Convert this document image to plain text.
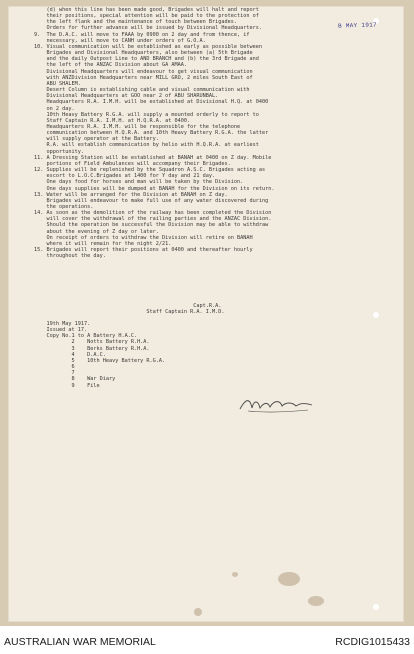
B MAY 1917
(d) when this line has been made good, Brigades will halt and report
their positions, special attention will be paid to the protection of
the left flank and the maintenance of touch between Brigades.
Orders for further advance will be issued by Divisional Headquarters.
9.  The D.A.C. will move to FAAA by 0900 on 2 day and from thence, if
necessary, will move to CANH under orders of G.O.A.
10. Visual communication will be established as early as possible between
Brigades and Divisional Headquarters, also between (a) 5th Brigade
and the daily Outpost Line to AND BRANCH and (b) the 3rd Brigade and
the left of the ANZAC Division about GA AMAA.
Divisional Headquarters will endeavour to get visual communication
with ANZDivision Headquarters near MILL GRO, 2 miles South East of
ABU SHALEM.
Desert Column is establishing cable and visual communication with
Divisional Headquarters at GOO near 2 of ABU SHARUNBAL.
Headquarters R.A. I.M.H. will be established at Divisional H.Q. at 0400
on 2 day.
10th Heavy Battery R.G.A. will supply a mounted orderly to report to
Staff Captain R.A. I.M.H. at H.Q.R.A. at 0400.
Headquarters R.A. I.M.H. will be responsible for the telephone
communication between H.Q.R.A. and 10th Heavy Battery R.G.A. the latter
will supply operator at the Battery.
R.A. will establish communication by helio with H.Q.R.A. at earliest
opportunity.
11. A Dressing Station will be established at BANAH at 0400 on Z day. Mobile
portions of Field Ambulances will accompany their Brigades.
12. Supplies will be replenished by the Squadron A.S.C. Brigades acting as
escort to L.O.C.Brigades at 1400 for Y day and 21 day.
One days food for horses and man will be taken by the Division.
One days supplies will be dumped at BANAH for the Division on its return.
13. Water will be arranged for the Division at BANAH on Z day.
Brigades will endeavour to make full use of any water discovered during
the operations.
14. As soon as the demolition of the railway has been completed the Division
will cover the withdrawal of the railing parties and the ANZAC Division.
Should the operation be successful the Division may be able to withdraw
about the evening of Z day or later.
On receipt of orders to withdraw the Division will retire on BANAH
where it will remain for the night 2/21.
15. Brigades will report their positions at 0400 and thereafter hourly
throughout the day.

Capt.R.A.
Staff Captain R.A. I.M.D.

19th May 1917.
Issued at 17.
Copy No.1 to A Battery H.A.C.
2    Notts Battery R.H.A.
3    Berks Battery R.H.A.
4    D.A.C.
5    10th Heavy Battery R.G.A.
6
7
8    War Diary
9    File
AUSTRALIAN WAR MEMORIAL	RCDIG1015433
